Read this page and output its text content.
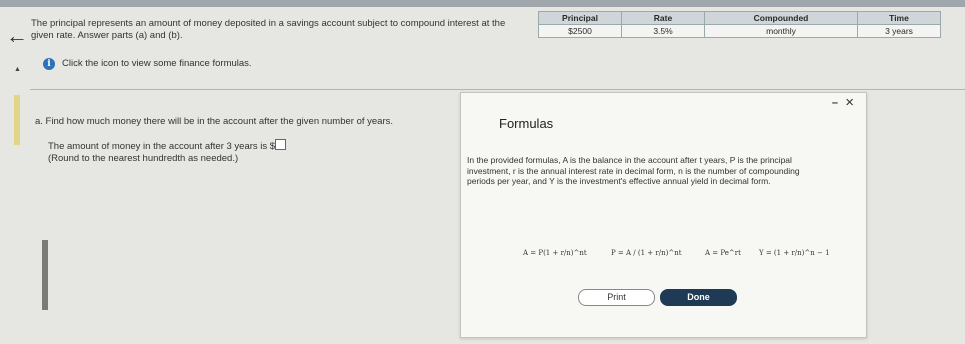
← The principal represents an amount of money deposited in a savings account subject to compound interest at the
given rate. Answer parts (a) and (b).
Principal	Rate	Compounded	Time
$2500	3.5%	monthly	3 years
▲
i	Click the icon to view some finance formulas.
a. Find how much money there will be in the account after the given number of years.
The amount of money in the account after 3 years is $
(Round to the nearest hundredth as needed.)
– ×
Formulas
In the provided formulas, A is the balance in the account after t years, P is the principal investment, r is the annual interest rate in decimal form, n is the number of compounding periods per year, and Y is the investment's effective annual yield in decimal form.
A = P(1 + r/n)^nt	P = A / (1 + r/n)^nt	A = Pe^rt	Y = (1 + r/n)^n − 1
Print	Done
